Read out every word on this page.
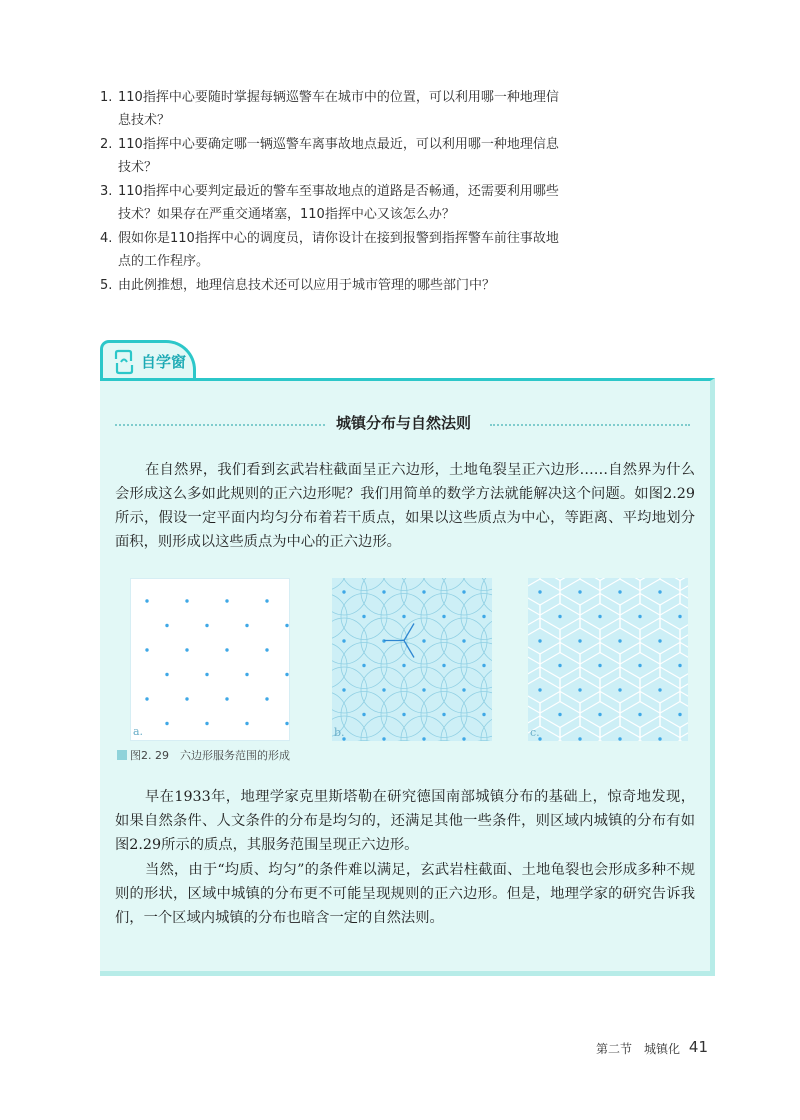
1. 110指挥中心要随时掌握每辆巡警车在城市中的位置，可以利用哪一种地理信息技术？
2. 110指挥中心要确定哪一辆巡警车离事故地点最近，可以利用哪一种地理信息技术？
3. 110指挥中心要判定最近的警车至事故地点的道路是否畅通，还需要利用哪些技术？如果存在严重交通堵塞，110指挥中心又该怎么办？
4. 假如你是110指挥中心的调度员，请你设计在接到报警到指挥警车前往事故地点的工作程序。
5. 由此例推想，地理信息技术还可以应用于城市管理的哪些部门中？
自学窗
城镇分布与自然法则
在自然界，我们看到玄武岩柱截面呈正六边形，土地龟裂呈正六边形……自然界为什么会形成这么多如此规则的正六边形呢？我们用简单的数学方法就能解决这个问题。如图2.29所示，假设一定平面内均匀分布着若干质点，如果以这些质点为中心，等距离、平均地划分面积，则形成以这些质点为中心的正六边形。
a.	b.	c.
图2. 29　六边形服务范围的形成
早在1933年，地理学家克里斯塔勒在研究德国南部城镇分布的基础上，惊奇地发现，如果自然条件、人文条件的分布是均匀的，还满足其他一些条件，则区域内城镇的分布有如图2.29所示的质点，其服务范围呈现正六边形。
当然，由于“均质、均匀”的条件难以满足，玄武岩柱截面、土地龟裂也会形成多种不规则的形状，区域中城镇的分布更不可能呈现规则的正六边形。但是，地理学家的研究告诉我们，一个区域内城镇的分布也暗含一定的自然法则。
第二节　城镇化 41
